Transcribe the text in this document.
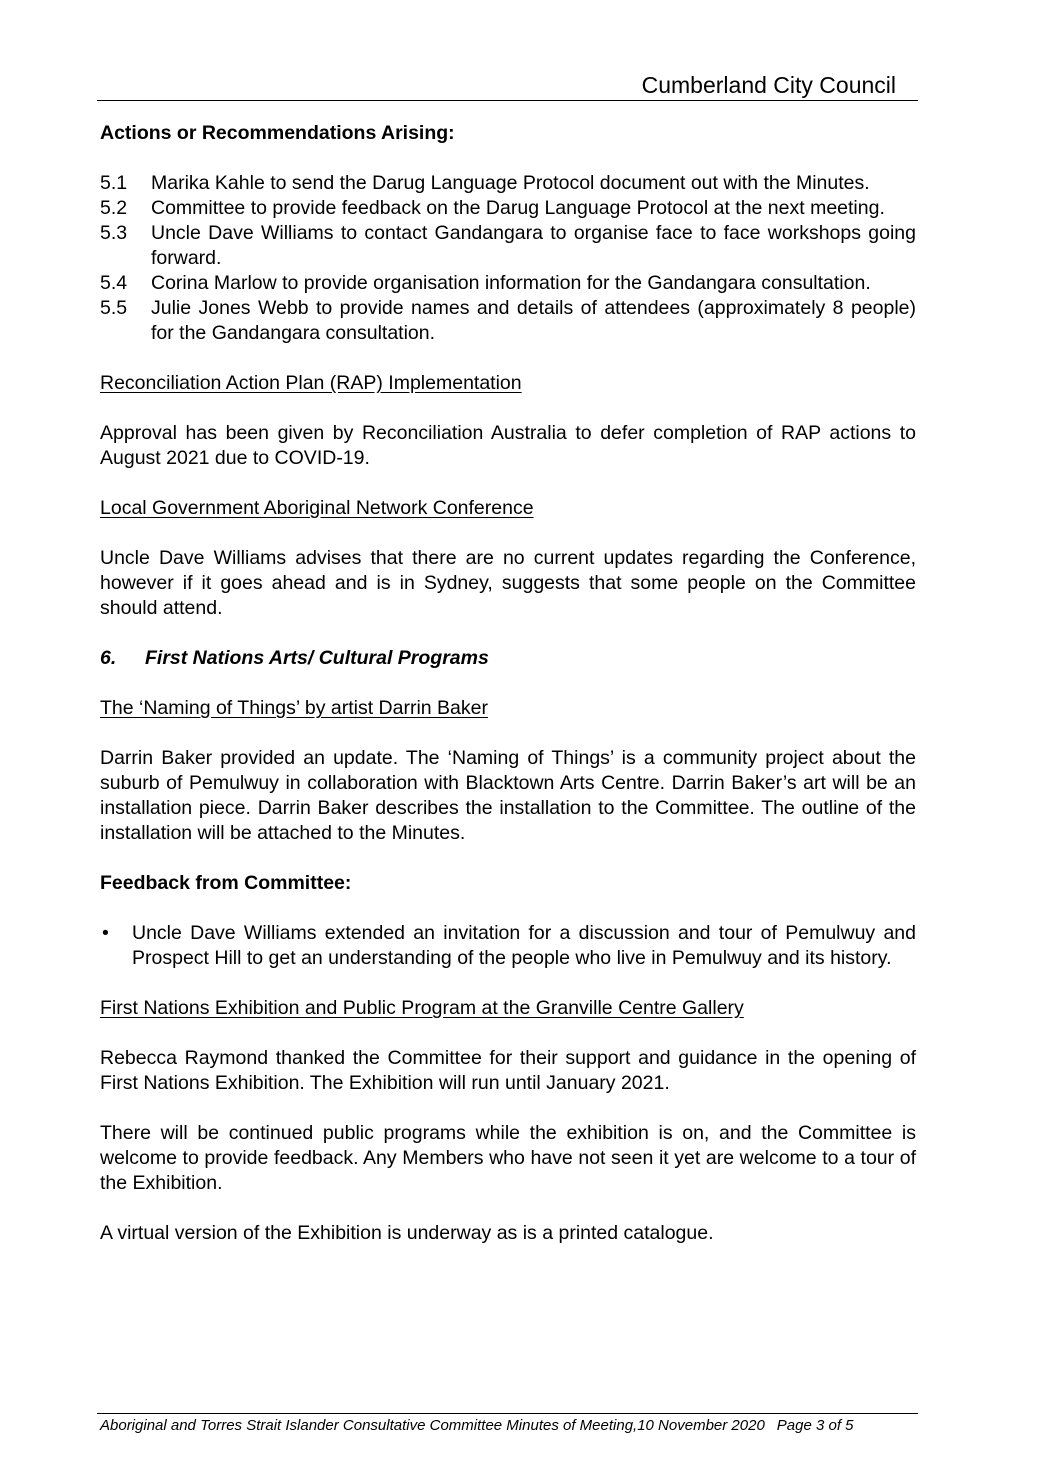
Cumberland City Council
Actions or Recommendations Arising:
5.1	Marika Kahle to send the Darug Language Protocol document out with the Minutes.
5.2	Committee to provide feedback on the Darug Language Protocol at the next meeting.
5.3	Uncle Dave Williams to contact Gandangara to organise face to face workshops going forward.
5.4	Corina Marlow to provide organisation information for the Gandangara consultation.
5.5	Julie Jones Webb to provide names and details of attendees (approximately 8 people) for the Gandangara consultation.
Reconciliation Action Plan (RAP) Implementation
Approval has been given by Reconciliation Australia to defer completion of RAP actions to August 2021 due to COVID-19.
Local Government Aboriginal Network Conference
Uncle Dave Williams advises that there are no current updates regarding the Conference, however if it goes ahead and is in Sydney, suggests that some people on the Committee should attend.
6.	First Nations Arts/ Cultural Programs
The ‘Naming of Things’ by artist Darrin Baker
Darrin Baker provided an update. The ‘Naming of Things’ is a community project about the suburb of Pemulwuy in collaboration with Blacktown Arts Centre. Darrin Baker’s art will be an installation piece. Darrin Baker describes the installation to the Committee. The outline of the installation will be attached to the Minutes.
Feedback from Committee:
•	Uncle Dave Williams extended an invitation for a discussion and tour of Pemulwuy and Prospect Hill to get an understanding of the people who live in Pemulwuy and its history.
First Nations Exhibition and Public Program at the Granville Centre Gallery
Rebecca Raymond thanked the Committee for their support and guidance in the opening of First Nations Exhibition. The Exhibition will run until January 2021.
There will be continued public programs while the exhibition is on, and the Committee is welcome to provide feedback. Any Members who have not seen it yet are welcome to a tour of the Exhibition.
A virtual version of the Exhibition is underway as is a printed catalogue.
Aboriginal and Torres Strait Islander Consultative Committee Minutes of Meeting,10 November 2020 Page 3 of 5
